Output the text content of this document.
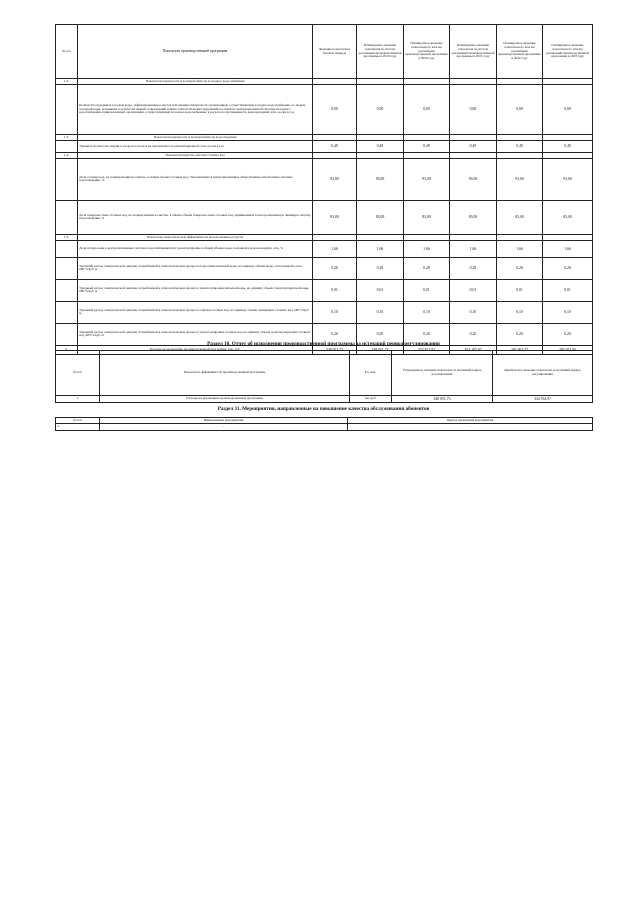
№ п/п	Показатели производственной программы	Значение показателя в базовом периоде	Планируемое значение показателя по итогам реализации производственной программы в 2019 году	Планируемое значение показателя по итогам реализации производственной программы в 2020 году	Планируемое значение показателя по итогам реализации производственной программы в 2021 году	Планируемое значение показателя по итогам реализации производственной программы в 2022 году	Планируемое значение показателя по итогам реализации производственной программы в 2023 году
1.2.	Показатели надежности и бесперебойности холодного водоснабжения						
	Количество перерывов в подаче воды, зафиксированных в местах исполнения обязательств организацией, осуществляющей холодное водоснабжение, по подаче холодной воды, возникших в результате аварий, повреждений и иных технологических нарушений на объектах централизованной системы холодного водоснабжения, принадлежащих организации, осуществляющей холодное водоснабжение, в расчете на протяженность водопроводной сети, ед./км в год	0,00	0,00	0,00	0,00	0,00	0,00
1.3.	Показатели надежности и бесперебойности водоотведения						
	Удельное количество аварий и засоров в расчете на протяженность канализационной сети, ед./км в год	0,49	0,49	0,49	0,49	0,49	0,49
1.4.	Показатели качества очистки сточных вод						
	Доля сточных вод, не подвергающихся очистке, в общем объеме сточных вод, сбрасываемых в централизованные общесплавные или бытовые системы водоотведения, %	93,00	93,00	93,00	93,00	93,00	93,00
	Доля поверхностных сточных вод, не подвергающихся очистке, в общем объеме поверхностных сточных вод, принимаемых в централизованную ливневую систему водоотведения, %	83,00	83,00	83,00	83,00	83,00	83,00
1.5.	Показатели энергетической эффективности использования ресурсов						
	Доля потерь воды в централизованных системах водоснабжения при транспортировке в общем объеме воды, поданной в водопроводную сеть, %	1,66	1,66	1,66	1,66	1,66	1,66
	Удельный расход электрической энергии, потребляемой в технологическом процессе подготовки питьевой воды, на единицу объема воды, отпускаемой в сеть, кВт*ч/куб. м	0,28	0,28	0,28	0,28	0,28	0,28
	Удельный расход электрической энергии, потребляемой в технологическом процессе транспортировки питьевой воды, на единицу объема транспортируемой воды, кВт*ч/куб. м	0,01	0,01	0,01	0,01	0,01	0,01
	Удельный расход электрической энергии, потребляемой в технологическом процессе очистки сточных вод, на единицу объема очищаемых сточных вод, кВт*ч/куб. м	0,10	0,10	0,10	0,10	0,10	0,10
	Удельный расход электрической энергии, потребляемой в технологическом процессе транспортировки сточных вод, на единицу объема транспортируемых сточных вод, кВт*ч/куб. м	0,20	0,20	0,20	0,20	0,20	0,20
2.	Расходы на реализацию производственной программы, тыс. руб.	348 051,73	348 051,73	353 821,93	404 187,87	391 962,47	395 074,90
Раздел 10. Отчет об исполнении производственной программы за истекший период регулирования
№ п/п	Показатели эффективности производственной программы	Ед. изм.	Утвержденное значение показателя за истекший период регулирования	Фактическое значение показателя за истекший период регулирования
1.	Расходы на реализацию производственной программы	тыс.руб.	348 051,73	334 554,97
Раздел 11. Мероприятия, направленные на повышение качества обслуживания абонентов
№ п/п	Наименование мероприятия	Период проведения мероприятия
1.	-	-
